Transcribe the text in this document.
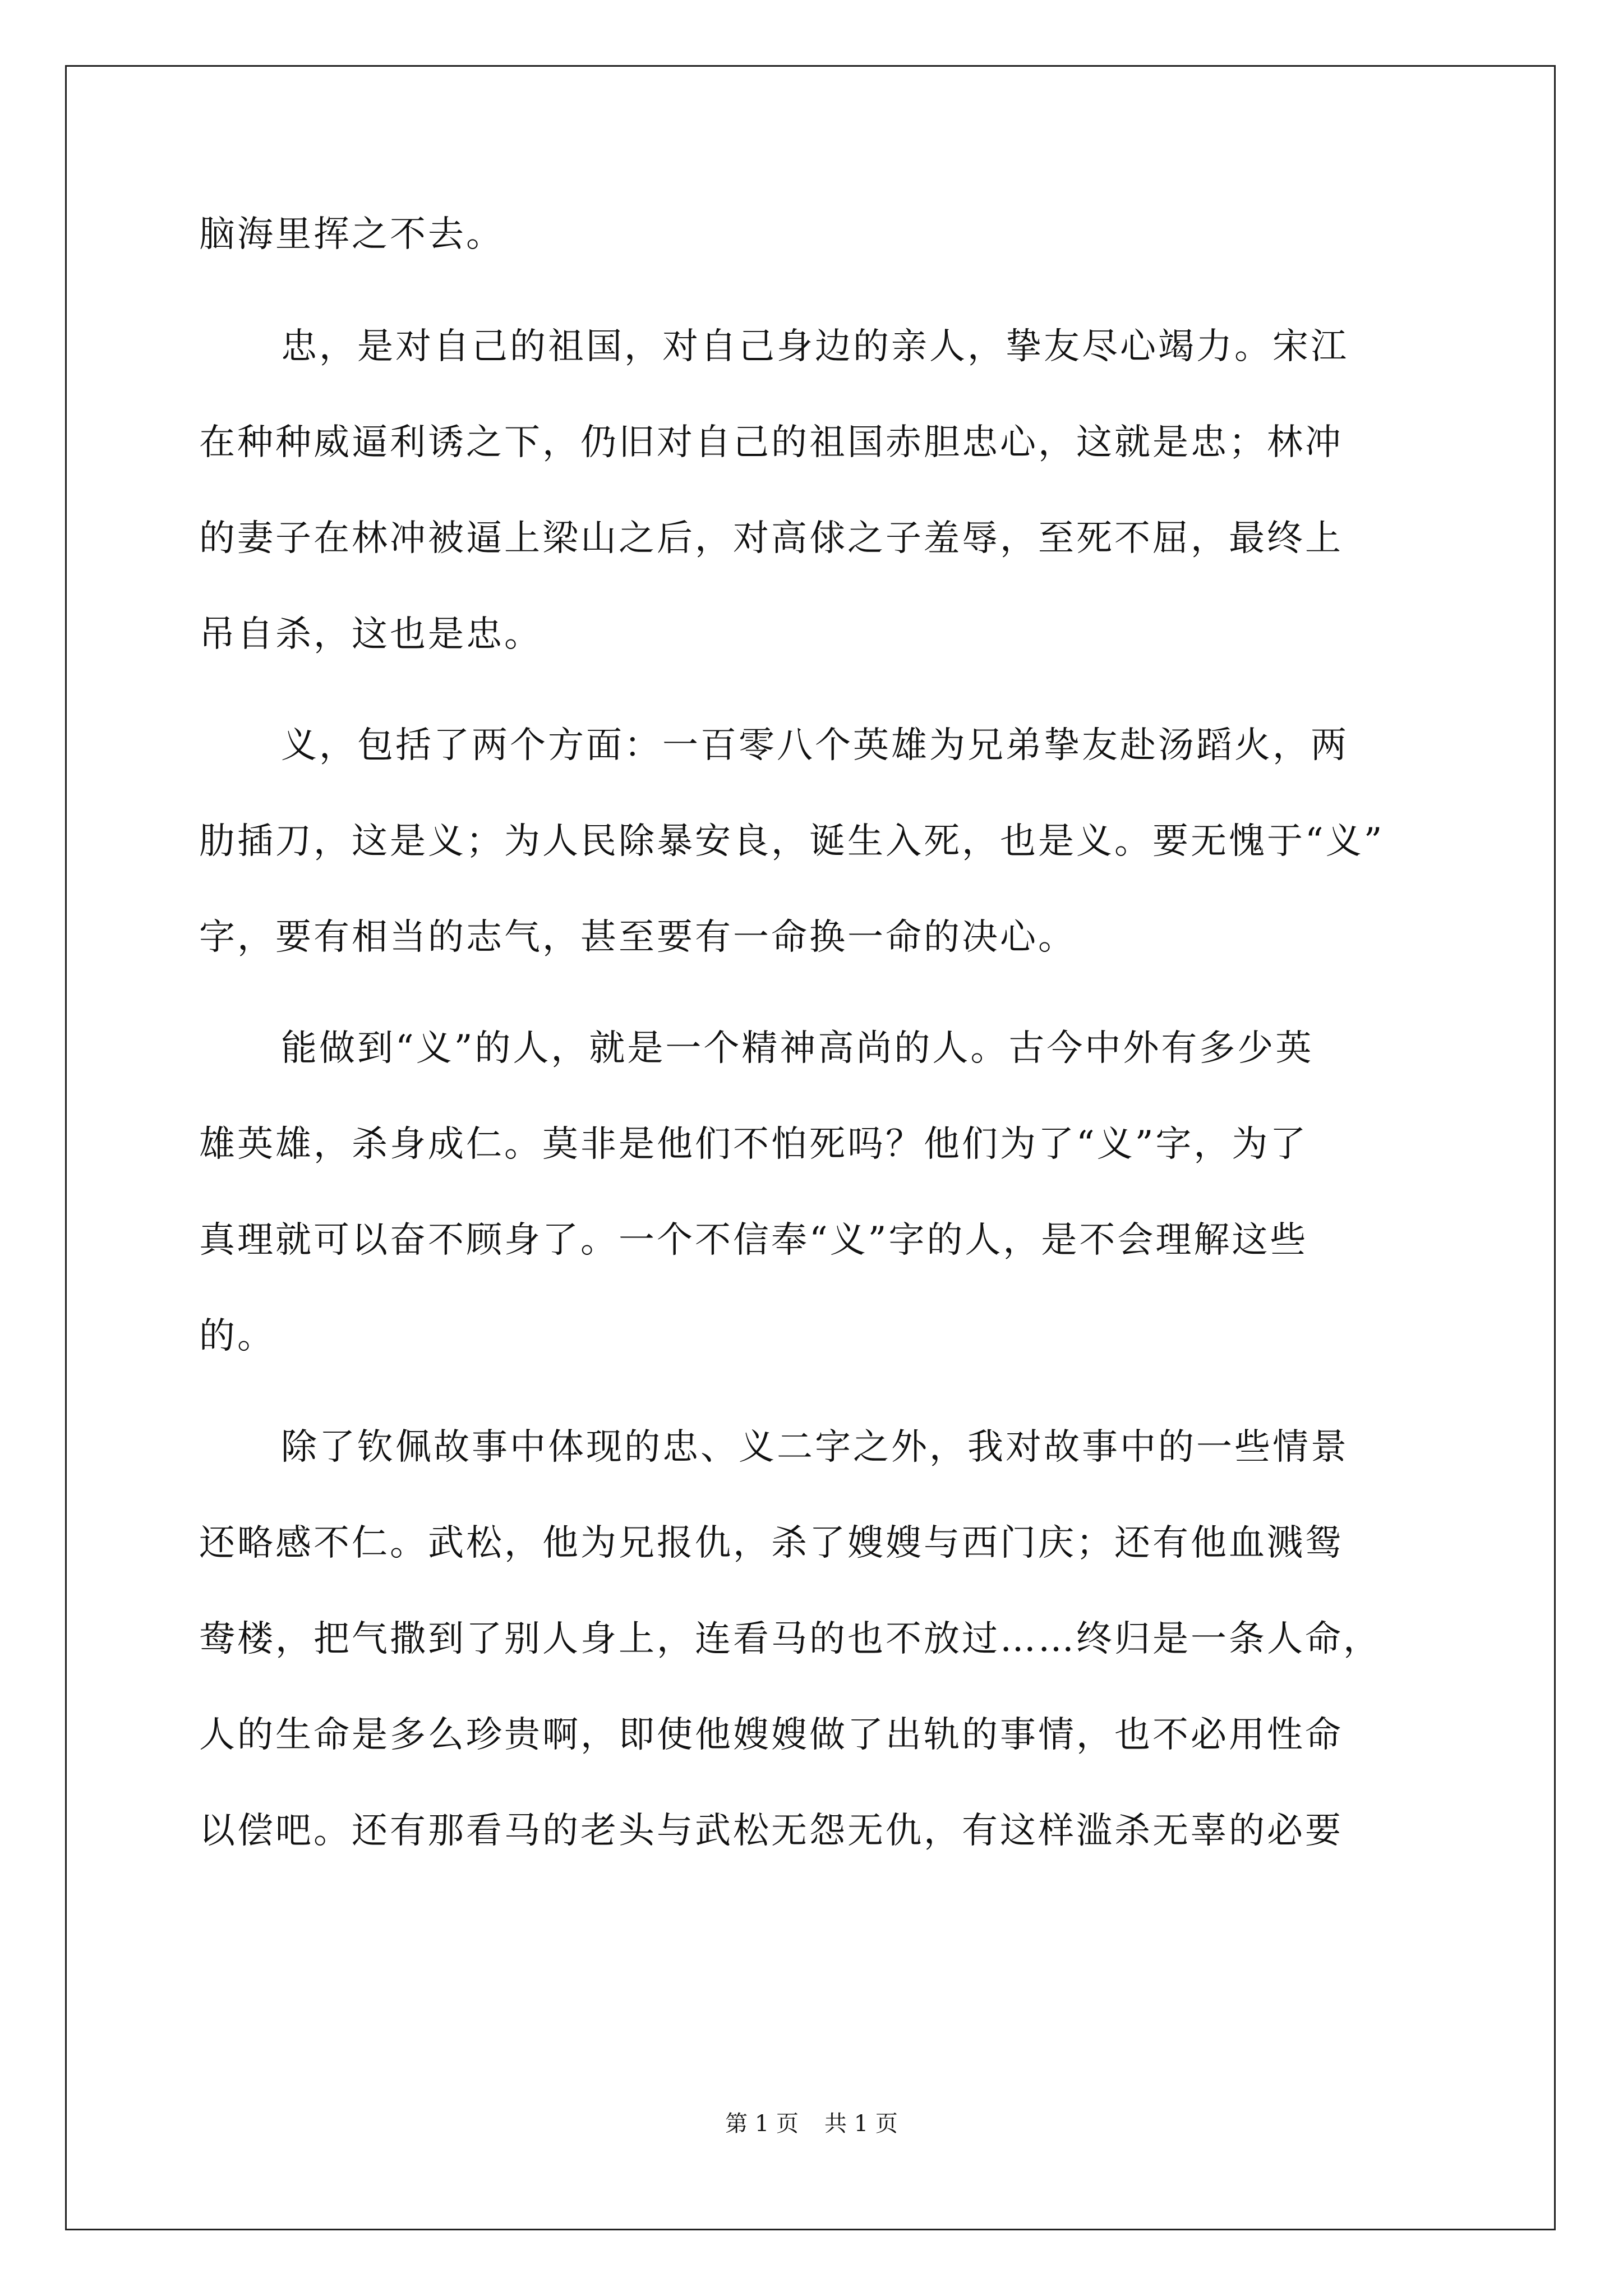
脑海里挥之不去。
忠，是对自己的祖国，对自己身边的亲人，挚友尽心竭力。宋江
在种种威逼利诱之下，仍旧对自己的祖国赤胆忠心，这就是忠；林冲
的妻子在林冲被逼上梁山之后，对高俅之子羞辱，至死不屈，最终上
吊自杀，这也是忠。
义，包括了两个方面：一百零八个英雄为兄弟挚友赴汤蹈火，两
肋插刀，这是义；为人民除暴安良，诞生入死，也是义。要无愧于“义”
字，要有相当的志气，甚至要有一命换一命的决心。
能做到“义”的人，就是一个精神高尚的人。古今中外有多少英
雄英雄，杀身成仁。莫非是他们不怕死吗？他们为了“义”字，为了
真理就可以奋不顾身了。一个不信奉“义”字的人，是不会理解这些
的。
除了钦佩故事中体现的忠、义二字之外，我对故事中的一些情景
还略感不仁。武松，他为兄报仇，杀了嫂嫂与西门庆；还有他血溅鸳
鸯楼，把气撒到了别人身上，连看马的也不放过……终归是一条人命，
人的生命是多么珍贵啊，即使他嫂嫂做了出轨的事情，也不必用性命
以偿吧。还有那看马的老头与武松无怨无仇，有这样滥杀无辜的必要
第 1 页 共 1 页
